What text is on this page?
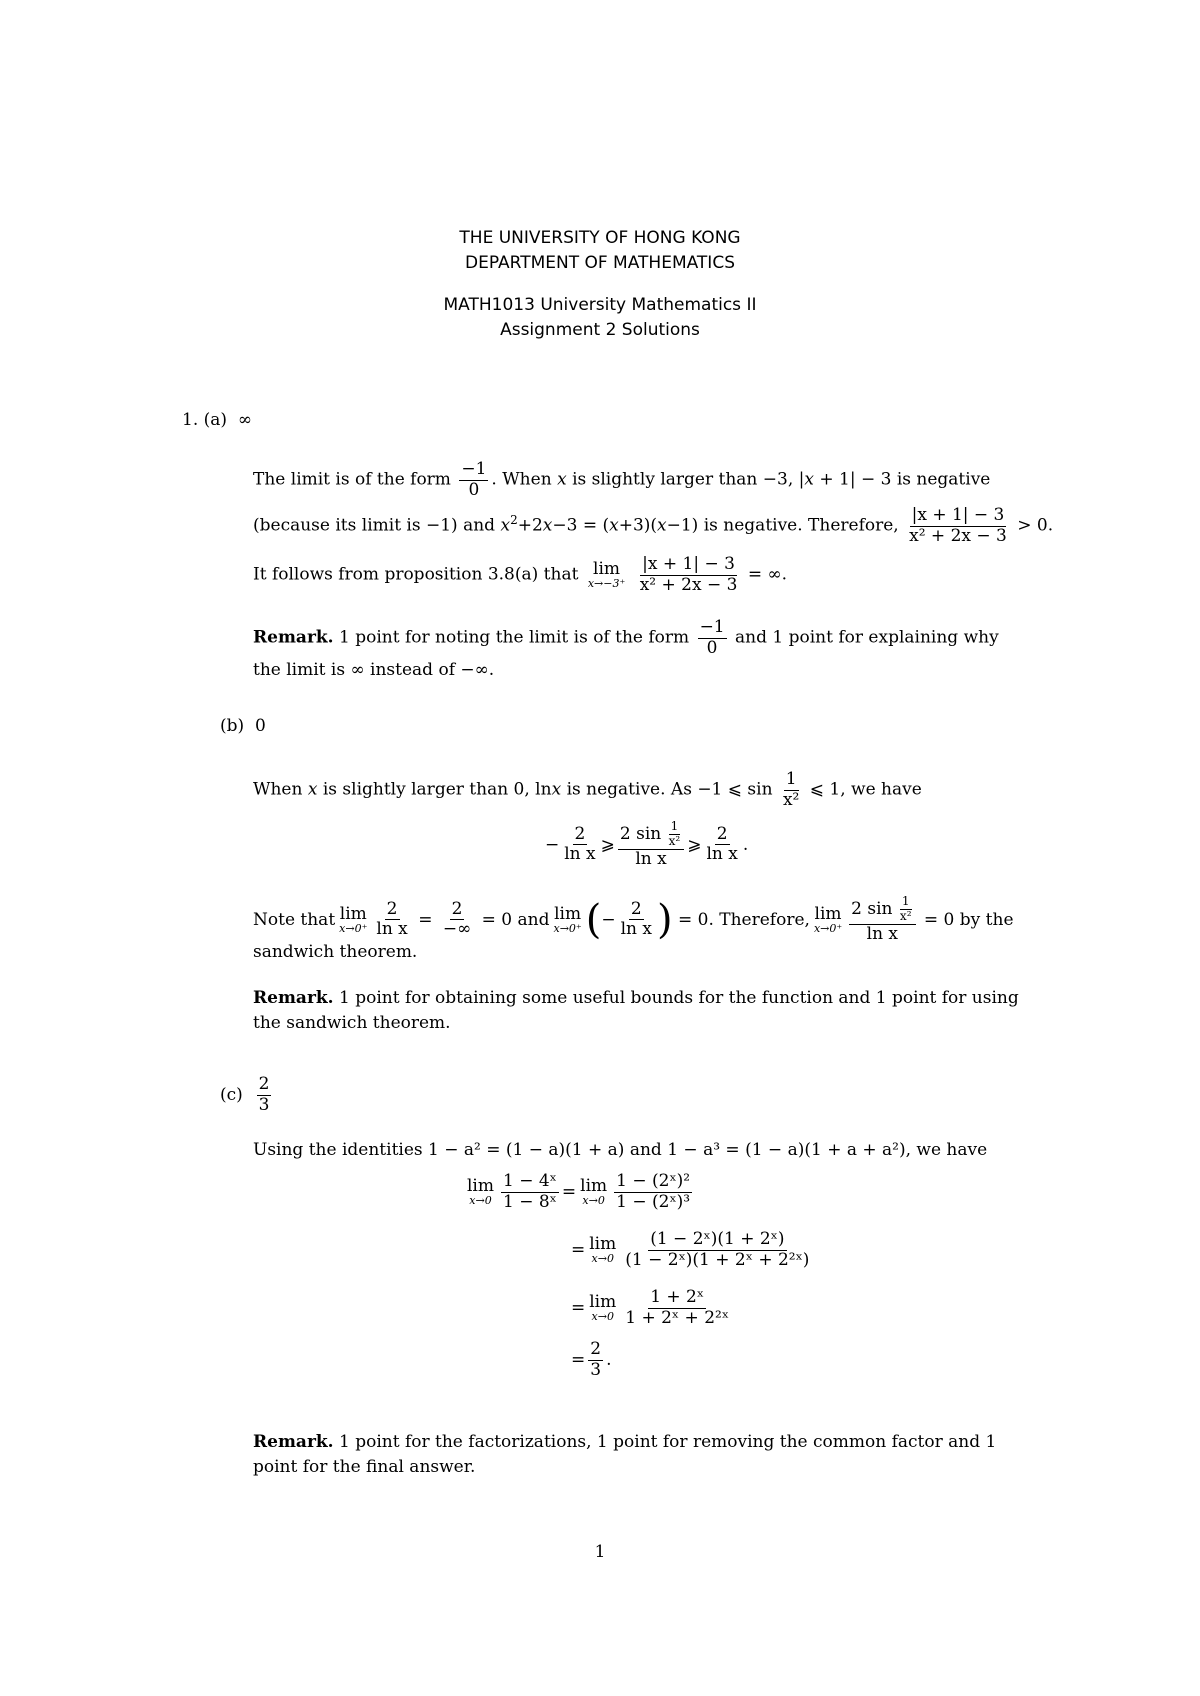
THE UNIVERSITY OF HONG KONG
DEPARTMENT OF MATHEMATICS
MATH1013 University Mathematics II
Assignment 2 Solutions
1. (a) ∞
The limit is of the form $\frac{-1}{0}$ . When x is slightly larger than −3, |x + 1| − 3 is negative
(because its limit is −1) and $x^2+2x-3 = (x+3)(x-1)$ is negative. Therefore, $\frac{|x + 1| - 3}{\text{x² + 2x − 3}} > 0$.
It follows from proposition 3.8(a) that lim
x→−3⁺
$\frac{|x + 1| - 3}{\text{x² + 2x − 3}}$ = ∞.
Remark. 1 point for noting the limit is of the form $\frac{-1}{0}$ and 1 point for explaining why
the limit is ∞ instead of −∞.
(b) 0
When x is slightly larger than 0, lnx is negative. As −1 ⩽ $\sin \frac{1}{\text{x²}}$ ⩽ 1, we have
− $\frac{2}{\text{ln x}}$ ⩾ $\frac{2 \sin \frac{1}{\text{x²}}}{\text{ln x}}$ ⩾ $\frac{2}{\text{ln x}}$ .
Note that lim
$x\to 0^+ \frac{2}{\text{ln x}}$
=
$\frac{2}{-\infty}$
= 0 and lim
x→0⁺ ( − $\frac{2}{\text{ln x}}$ )
= 0. Therefore, lim
$x\to 0^+ \frac{2 \sin \frac{1}{\text{x²}}}{\text{ln x}}$
= 0 by the
sandwich theorem.
Remark. 1 point for obtaining some useful bounds for the function and 1 point for using
the sandwich theorem.
(c)
$\frac{2}{3}$
Using the identities 1 − a² = (1 − a)(1 + a) and 1 − a³ = (1 − a)(1 + a + a²), we have
lim
$x\to 0 \frac{\text{1 − 4ˣ}}{\text{1 − 8ˣ}} = \lim$
$x\to 0 \frac{\text{1 − (2ˣ)²}}{\text{1 − (2ˣ)³}}$
= lim
$x\to 0 \frac{\text{(1 − 2ˣ)(1 + 2ˣ)}}{\text{(1 − 2ˣ)(1 + 2ˣ + 2²ˣ)}}$
= lim
$x\to 0 \frac{\text{1 + 2ˣ}}{\text{1 + 2ˣ + 2²ˣ}}$
= $\frac{2}{3}$ .
Remark. 1 point for the factorizations, 1 point for removing the common factor and 1
point for the final answer.
1
